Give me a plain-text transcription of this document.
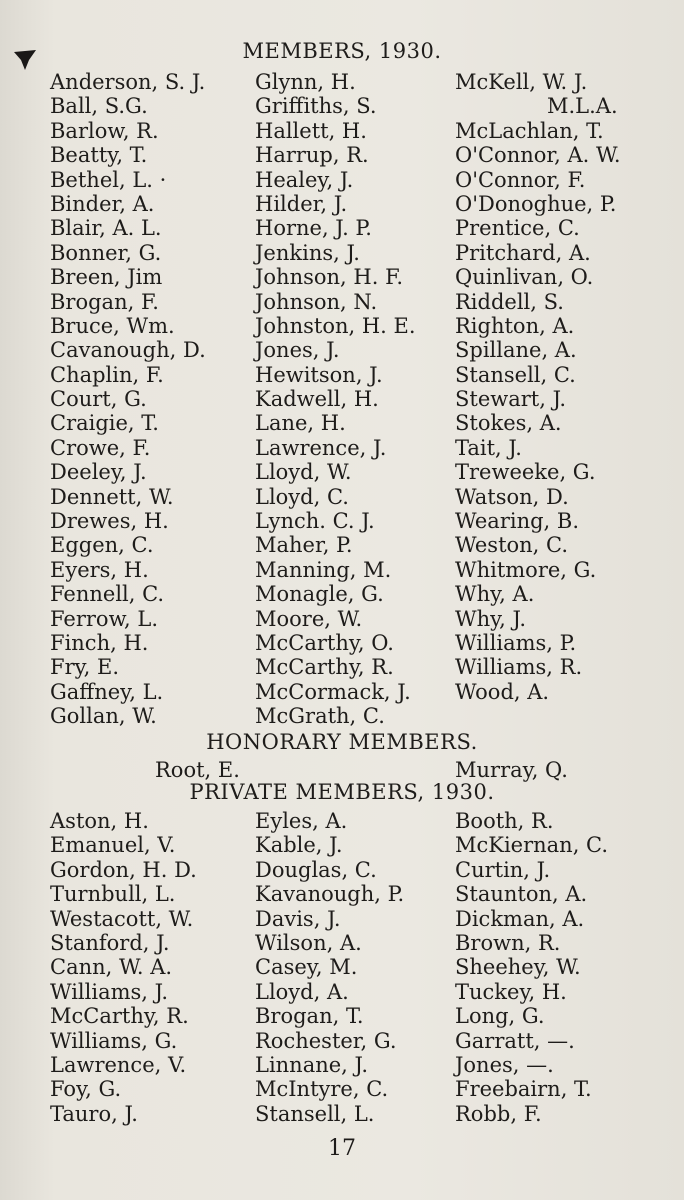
MEMBERS, 1930.
Anderson, S. J.
Ball, S.G.
Barlow, R.
Beatty, T.
Bethel, L. ·
Binder, A.
Blair, A. L.
Bonner, G.
Breen, Jim
Brogan, F.
Bruce, Wm.
Cavanough, D.
Chaplin, F.
Court, G.
Craigie, T.
Crowe, F.
Deeley, J.
Dennett, W.
Drewes, H.
Eggen, C.
Eyers, H.
Fennell, C.
Ferrow, L.
Finch, H.
Fry, E.
Gaffney, L.
Gollan, W.
Glynn, H.
Griffiths, S.
Hallett, H.
Harrup, R.
Healey, J.
Hilder, J.
Horne, J. P.
Jenkins, J.
Johnson, H. F.
Johnson, N.
Johnston, H. E.
Jones, J.
Hewitson, J.
Kadwell, H.
Lane, H.
Lawrence, J.
Lloyd, W.
Lloyd, C.
Lynch. C. J.
Maher, P.
Manning, M.
Monagle, G.
Moore, W.
McCarthy, O.
McCarthy, R.
McCormack, J.
McGrath, C.
McKell, W. J.
M.L.A.
McLachlan, T.
O'Connor, A. W.
O'Connor, F.
O'Donoghue, P.
Prentice, C.
Pritchard, A.
Quinlivan, O.
Riddell, S.
Righton, A.
Spillane, A.
Stansell, C.
Stewart, J.
Stokes, A.
Tait, J.
Treweeke, G.
Watson, D.
Wearing, B.
Weston, C.
Whitmore, G.
Why, A.
Why, J.
Williams, P.
Williams, R.
Wood, A.
HONORARY MEMBERS.
Root, E.	Murray, Q.
PRIVATE MEMBERS, 1930.
Aston, H.
Emanuel, V.
Gordon, H. D.
Turnbull, L.
Westacott, W.
Stanford, J.
Cann, W. A.
Williams, J.
McCarthy, R.
Williams, G.
Lawrence, V.
Foy, G.
Tauro, J.
Eyles, A.
Kable, J.
Douglas, C.
Kavanough, P.
Davis, J.
Wilson, A.
Casey, M.
Lloyd, A.
Brogan, T.
Rochester, G.
Linnane, J.
McIntyre, C.
Stansell, L.
Booth, R.
McKiernan, C.
Curtin, J.
Staunton, A.
Dickman, A.
Brown, R.
Sheehey, W.
Tuckey, H.
Long, G.
Garratt, —.
Jones, —.
Freebairn, T.
Robb, F.
17
